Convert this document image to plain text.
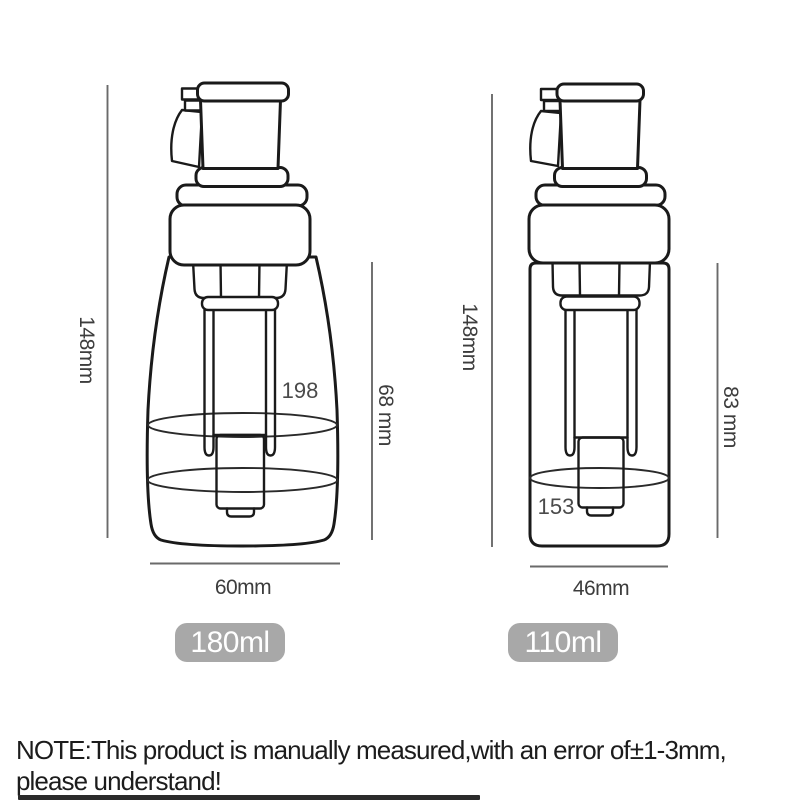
198
148mm
68 mm
60mm
153
148mm
83 mm
46mm
180ml	110ml
NOTE:This product is manually measured,with an error of±1-3mm,
please understand!
